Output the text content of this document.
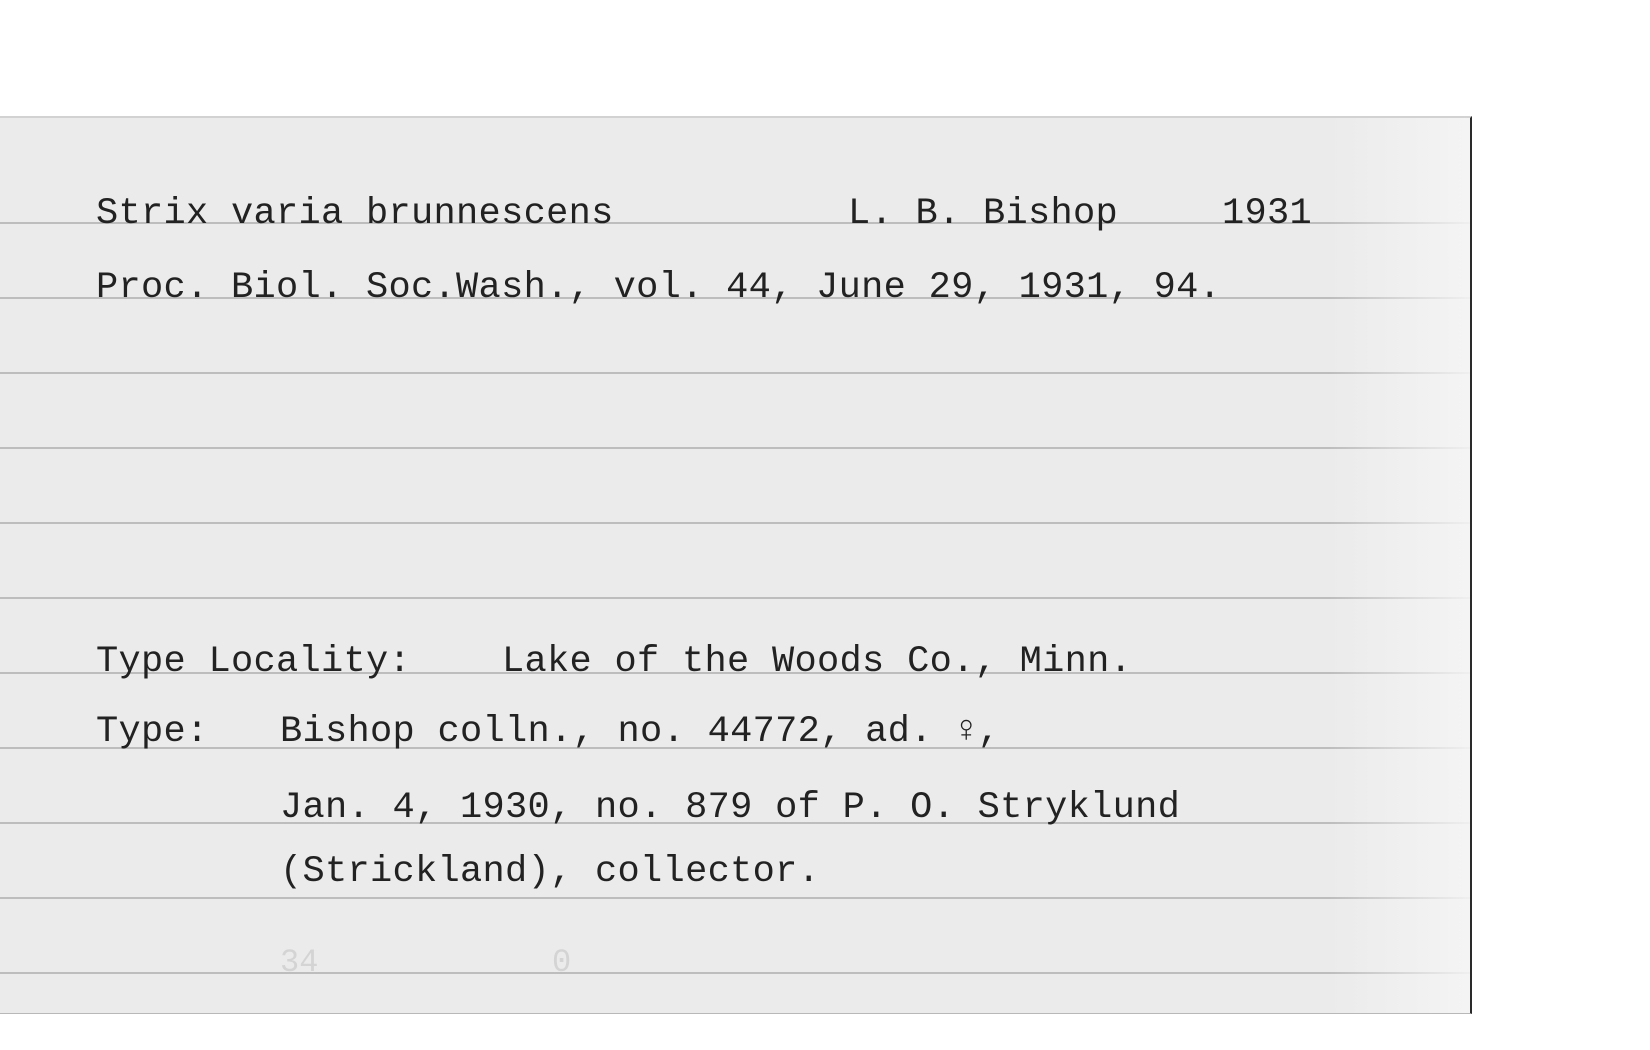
Strix varia brunnescens	L. B. Bishop	1931
Proc. Biol. Soc.Wash., vol. 44, June 29, 1931, 94.
Type Locality: Lake of the Woods Co., Minn.
Type: Bishop colln., no. 44772, ad. ♀,
Jan. 4, 1930, no. 879 of P. O. Stryklund
(Strickland), collector.
34	0
